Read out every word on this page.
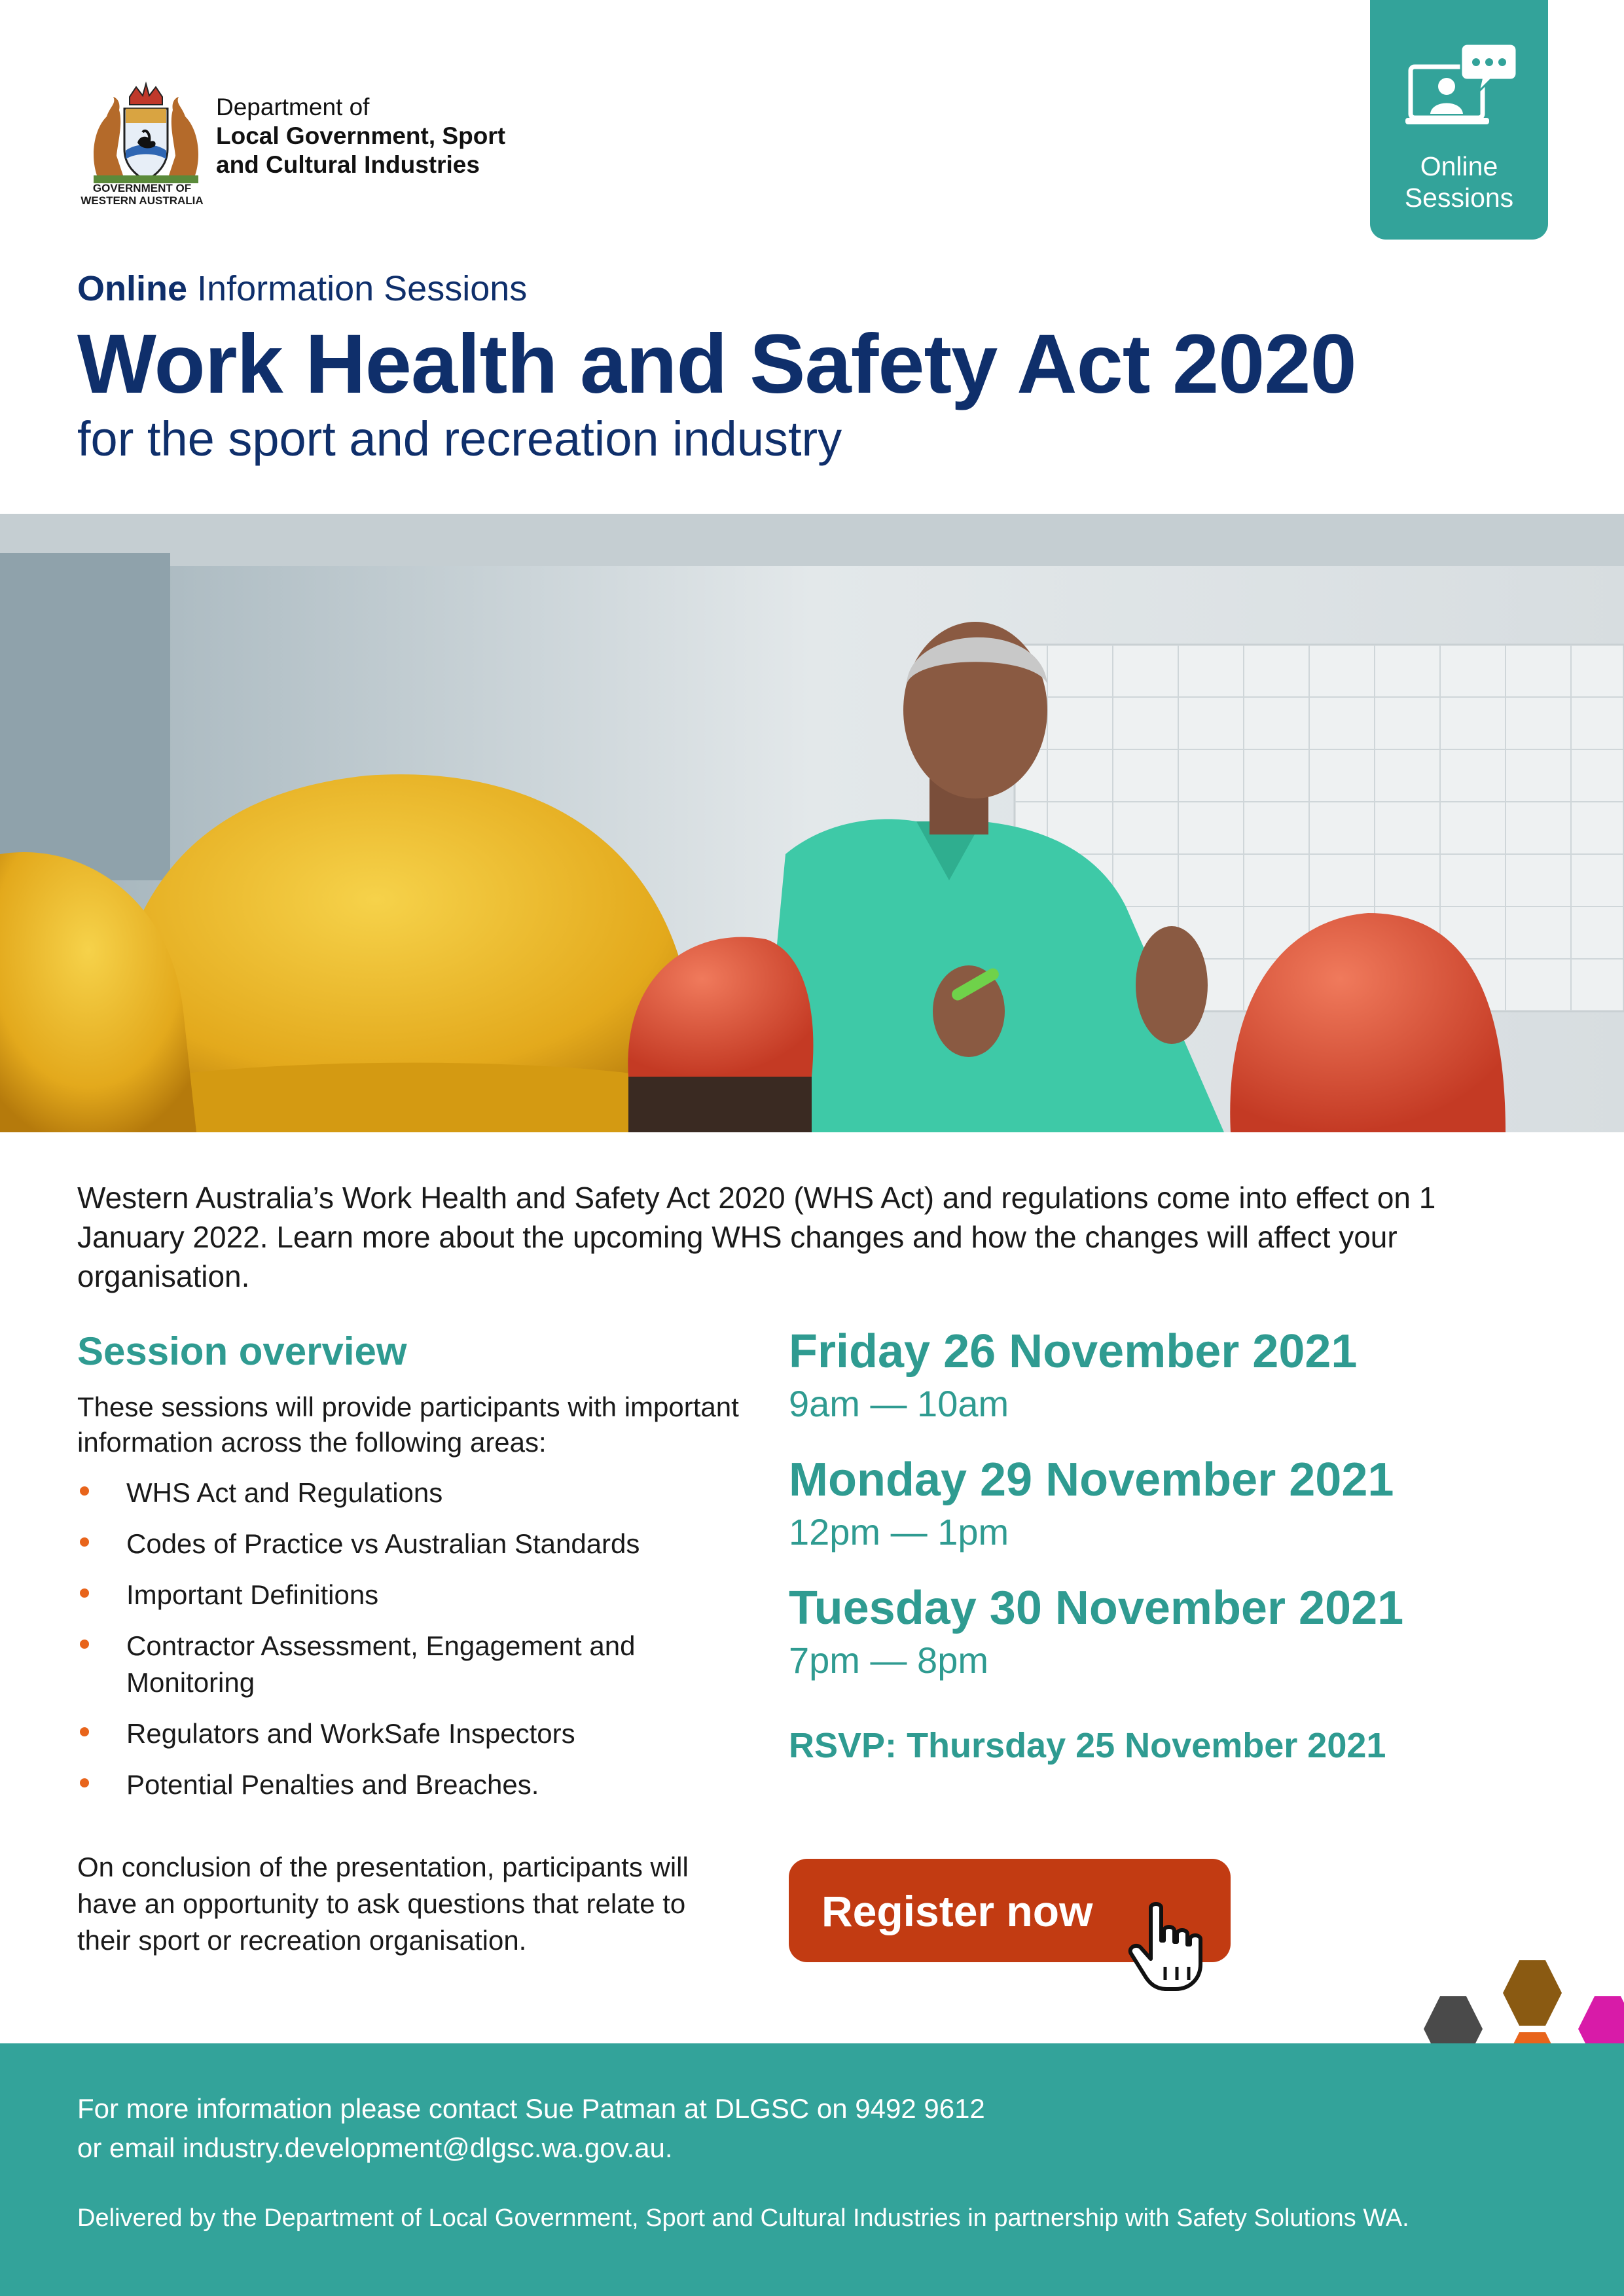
GOVERNMENT OF
WESTERN AUSTRALIA
Department of
Local Government, Sport
and Cultural Industries	Online
Sessions
Online Information Sessions
Work Health and Safety Act 2020
for the sport and recreation industry

Western Australia’s Work Health and Safety Act 2020 (WHS Act) and regulations come into effect on 1 January 2022. Learn more about the upcoming WHS changes and how the changes will affect your organisation.

Session overview

These sessions will provide participants with important information across the following areas:

WHS Act and Regulations
Codes of Practice vs Australian Standards
Important Definitions
Contractor Assessment, Engagement and Monitoring
Regulators and WorkSafe Inspectors
Potential Penalties and Breaches.

On conclusion of the presentation, participants will have an opportunity to ask questions that relate to their sport or recreation organisation.

Friday 26 November 2021
9am — 10am
Monday 29 November 2021
12pm — 1pm
Tuesday 30 November 2021
7pm — 8pm
RSVP: Thursday 25 November 2021
Register now
For more information please contact Sue Patman at DLGSC on 9492 9612
or email industry.development@dlgsc.wa.gov.au.
Delivered by the Department of Local Government, Sport and Cultural Industries in partnership with Safety Solutions WA.
